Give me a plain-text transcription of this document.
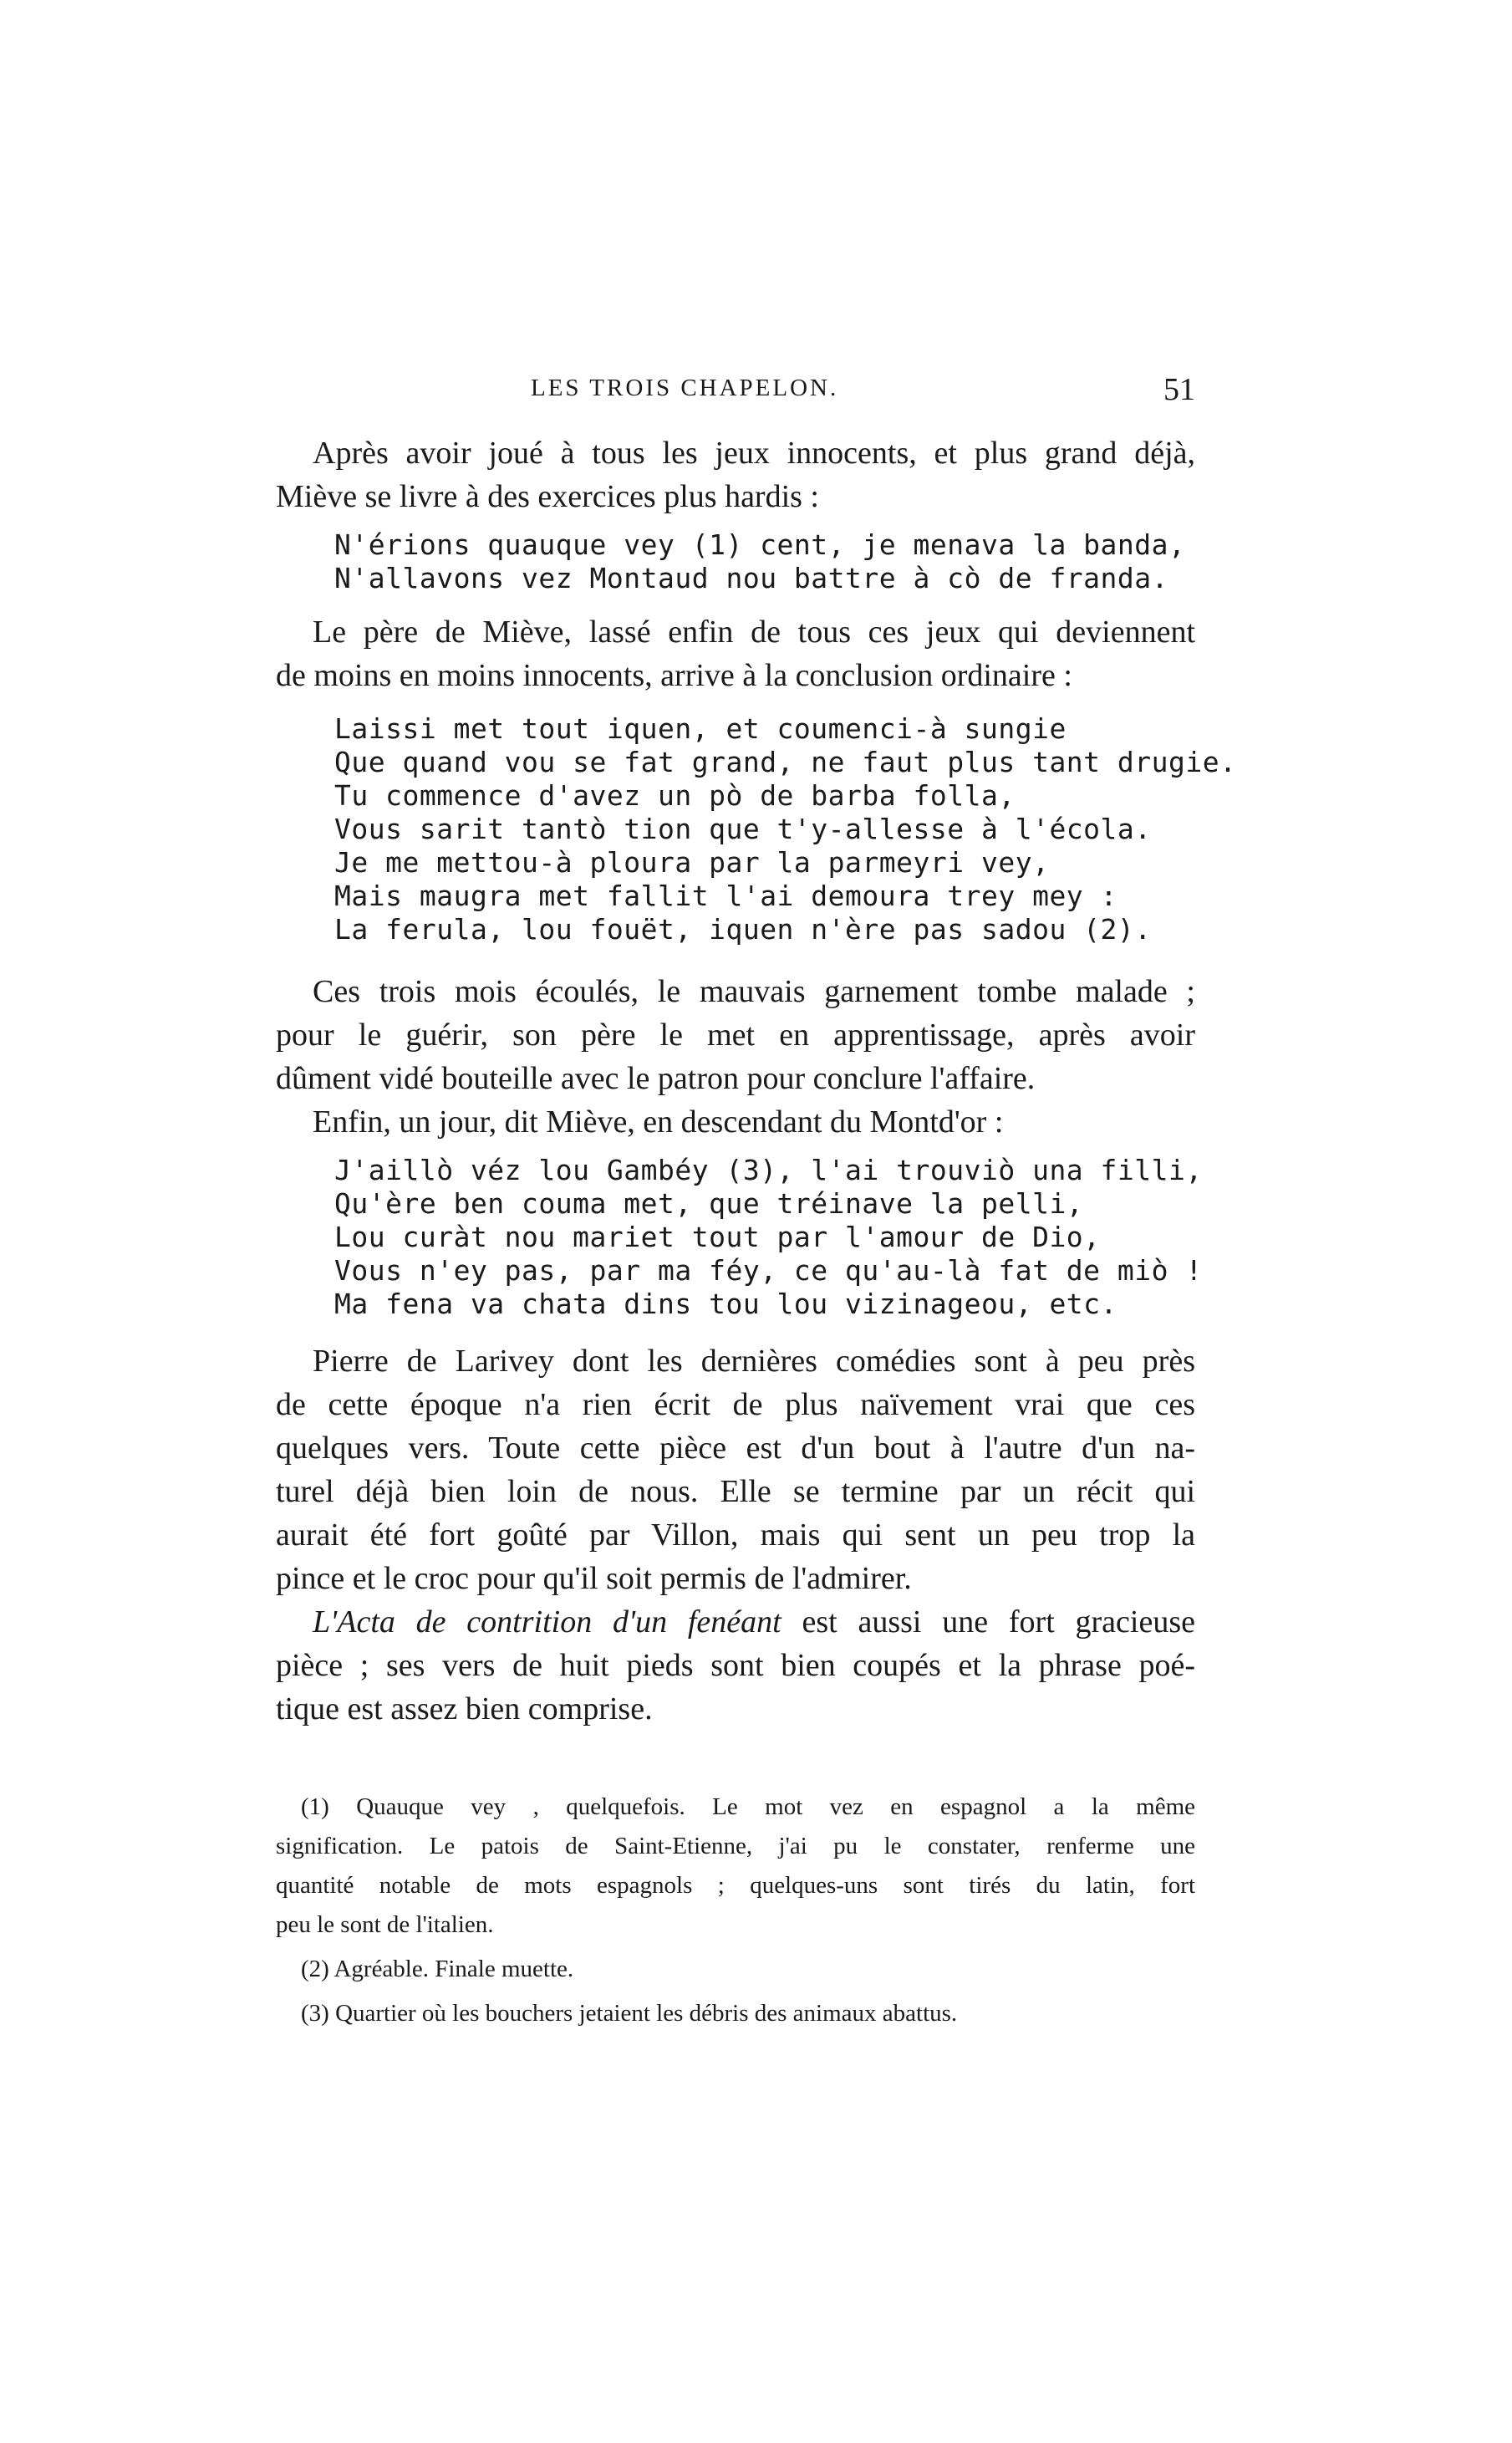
LES TROIS CHAPELON.	51

Après avoir joué à tous les jeux innocents, et plus grand déjà,
Miève se livre à des exercices plus hardis :

N'érions quauque vey (1) cent, je menava la banda,
N'allavons vez Montaud nou battre à cò de franda.

Le père de Miève, lassé enfin de tous ces jeux qui deviennent
de moins en moins innocents, arrive à la conclusion ordinaire :

Laissi met tout iquen, et coumenci-à sungie
Que quand vou se fat grand, ne faut plus tant drugie.
Tu commence d'avez un pò de barba folla,
Vous sarit tantò tion que t'y-allesse à l'écola.
Je me mettou-à ploura par la parmeyri vey,
Mais maugra met fallit l'ai demoura trey mey :
La ferula, lou fouët, iquen n'ère pas sadou (2).

Ces trois mois écoulés, le mauvais garnement tombe malade ;
pour le guérir, son père le met en apprentissage, après avoir
dûment vidé bouteille avec le patron pour conclure l'affaire.

Enfin, un jour, dit Miève, en descendant du Montd'or :

J'aillò véz lou Gambéy (3), l'ai trouviò una filli,
Qu'ère ben couma met, que tréinave la pelli,
Lou curàt nou mariet tout par l'amour de Dio,
Vous n'ey pas, par ma féy, ce qu'au-là fat de miò !
Ma fena va chata dins tou lou vizinageou, etc.

Pierre de Larivey dont les dernières comédies sont à peu près
de cette époque n'a rien écrit de plus naïvement vrai que ces
quelques vers. Toute cette pièce est d'un bout à l'autre d'un na-
turel déjà bien loin de nous. Elle se termine par un récit qui
aurait été fort goûté par Villon, mais qui sent un peu trop la
pince et le croc pour qu'il soit permis de l'admirer.

L'Acta de contrition d'un fenéant est aussi une fort gracieuse
pièce ; ses vers de huit pieds sont bien coupés et la phrase poé-
tique est assez bien comprise.

(1) Quauque vey , quelquefois. Le mot vez en espagnol a la même
signification. Le patois de Saint-Etienne, j'ai pu le constater, renferme une
quantité notable de mots espagnols ; quelques-uns sont tirés du latin, fort
peu le sont de l'italien.

(2) Agréable. Finale muette.

(3) Quartier où les bouchers jetaient les débris des animaux abattus.
